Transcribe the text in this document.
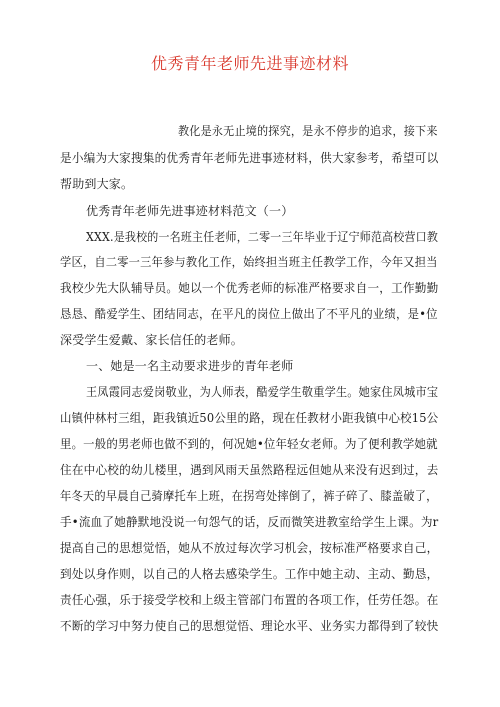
优秀青年老师先进事迹材料
教化是永无止境的探究，是永不停步的追求，接下来
是小编为大家搜集的优秀青年老师先进事迹材料，供大家参考，希望可以
帮助到大家。
优秀青年老师先进事迹材料范文（一）
XXX.是我校的一名班主任老师，二零一三年毕业于辽宁师范高校营口教
学区，自二零一三年参与教化工作，始终担当班主任教学工作，今年又担当
我校少先大队辅导员。她以一个优秀老师的标准严格要求自一，工作勤勤
恳恳、酷爱学生、团结同志，在平凡的岗位上做出了不平凡的业绩，是•位
深受学生爱戴、家长信任的老师。
一、她是一名主动要求进步的青年老师
王凤霞同志爱岗敬业，为人师表，酷爱学生敬重学生。她家住凤城市宝
山镇仲林村三组，距我镇近50公里的路，现在任教材小距我镇中心校15公
里。一般的男老师也做不到的，何况她•位年轻女老师。为了便利教学她就
住在中心校的幼儿楼里，遇到风雨天虽然路程远但她从来没有迟到过，去
年冬天的早晨自己骑摩托车上班，在拐弯处摔倒了，裤子碎了、膝盖破了，
手•流血了她静默地没说一句怨气的话，反而微笑进教室给学生上课。为r
提高自己的思想觉悟，她从不放过每次学习机会，按标准严格要求自己，
到处以身作则，以自己的人格去感染学生。工作中她主动、主动、勤恳，
责任心强，乐于接受学校和上级主管部门布置的各项工作，任劳任怨。在
不断的学习中努力使自己的思想觉悟、理论水平、业务实力都得到了较快
